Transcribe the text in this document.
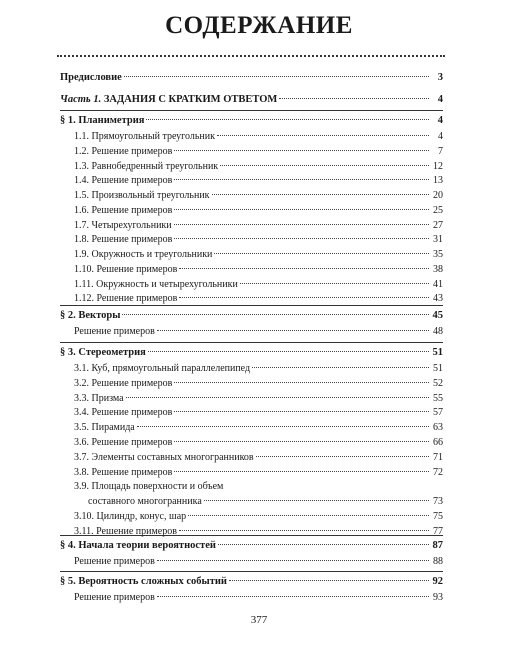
СОДЕРЖАНИЕ
Предисловие	3
Часть 1. ЗАДАНИЯ С КРАТКИМ ОТВЕТОМ	4
§ 1. Планиметрия	4
1.1. Прямоугольный треугольник	4
1.2. Решение примеров	7
1.3. Равнобедренный треугольник	12
1.4. Решение примеров	13
1.5. Произвольный треугольник	20
1.6. Решение примеров	25
1.7. Четырехугольники	27
1.8. Решение примеров	31
1.9. Окружность и треугольники	35
1.10. Решение примеров	38
1.11. Окружность и четырехугольники	41
1.12. Решение примеров	43
§ 2. Векторы	45
Решение примеров	48
§ 3. Стереометрия	51
3.1. Куб, прямоугольный параллелепипед	51
3.2. Решение примеров	52
3.3. Призма	55
3.4. Решение примеров	57
3.5. Пирамида	63
3.6. Решение примеров	66
3.7. Элементы составных многогранников	71
3.8. Решение примеров	72
3.9. Площадь поверхности и объем
составного многогранника	73
3.10. Цилиндр, конус, шар	75
3.11. Решение примеров	77
§ 4. Начала теории вероятностей	87
Решение примеров	88
§ 5. Вероятность сложных событий	92
Решение примеров	93
377
